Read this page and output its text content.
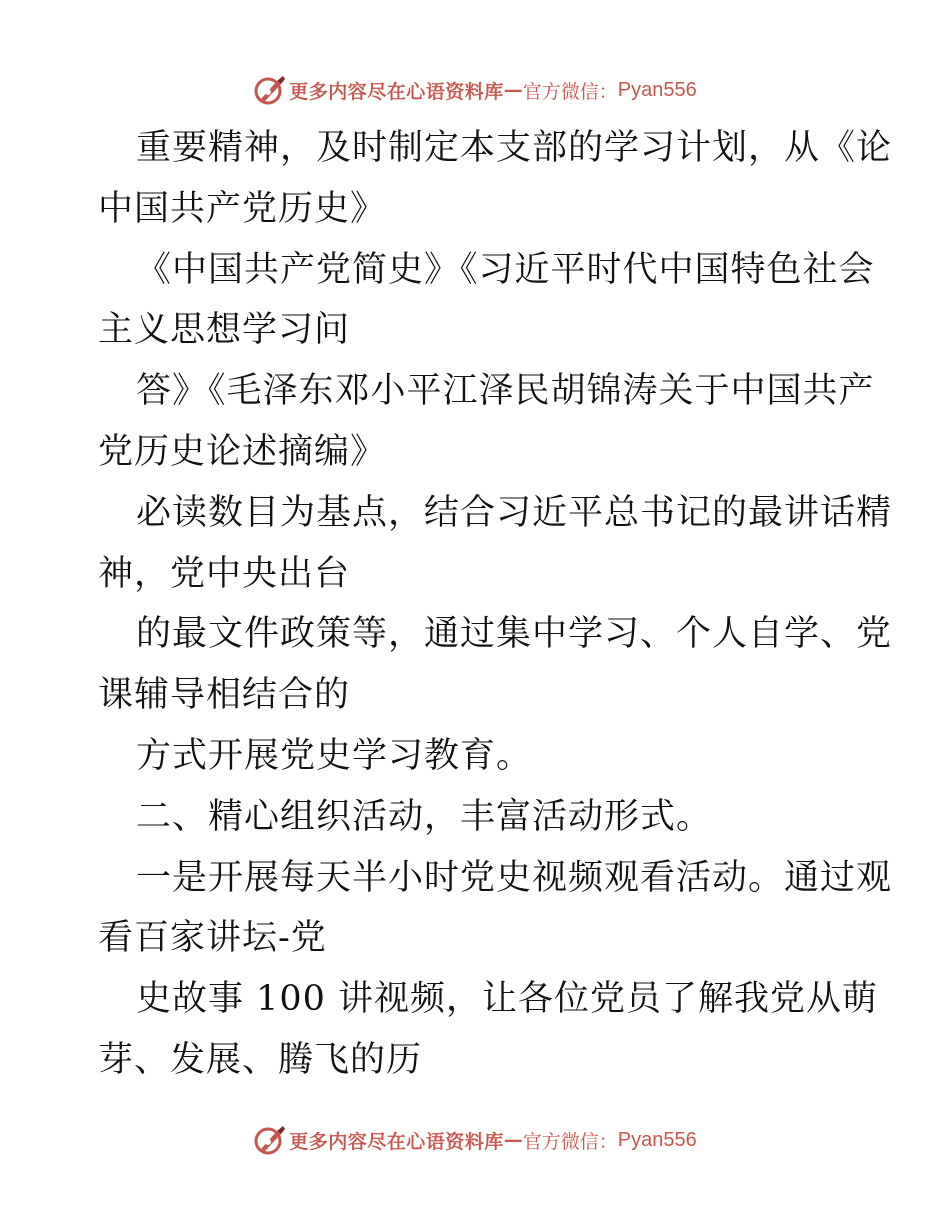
更多内容尽在心语资料库 — 官方微信： Pyan556
重要精神，及时制定本支部的学习计划，从《论
中国共产党历史》
《中国共产党简史》《习近平时代中国特色社会
主义思想学习问
答》《毛泽东邓小平江泽民胡锦涛关于中国共产
党历史论述摘编》
必读数目为基点，结合习近平总书记的最讲话精
神，党中央出台
的最文件政策等，通过集中学习、个人自学、党
课辅导相结合的
方式开展党史学习教育。
二、精心组织活动，丰富活动形式。
一是开展每天半小时党史视频观看活动。通过观
看百家讲坛-党
史故事 100 讲视频，让各位党员了解我党从萌
芽、发展、腾飞的历
更多内容尽在心语资料库 — 官方微信： Pyan556
